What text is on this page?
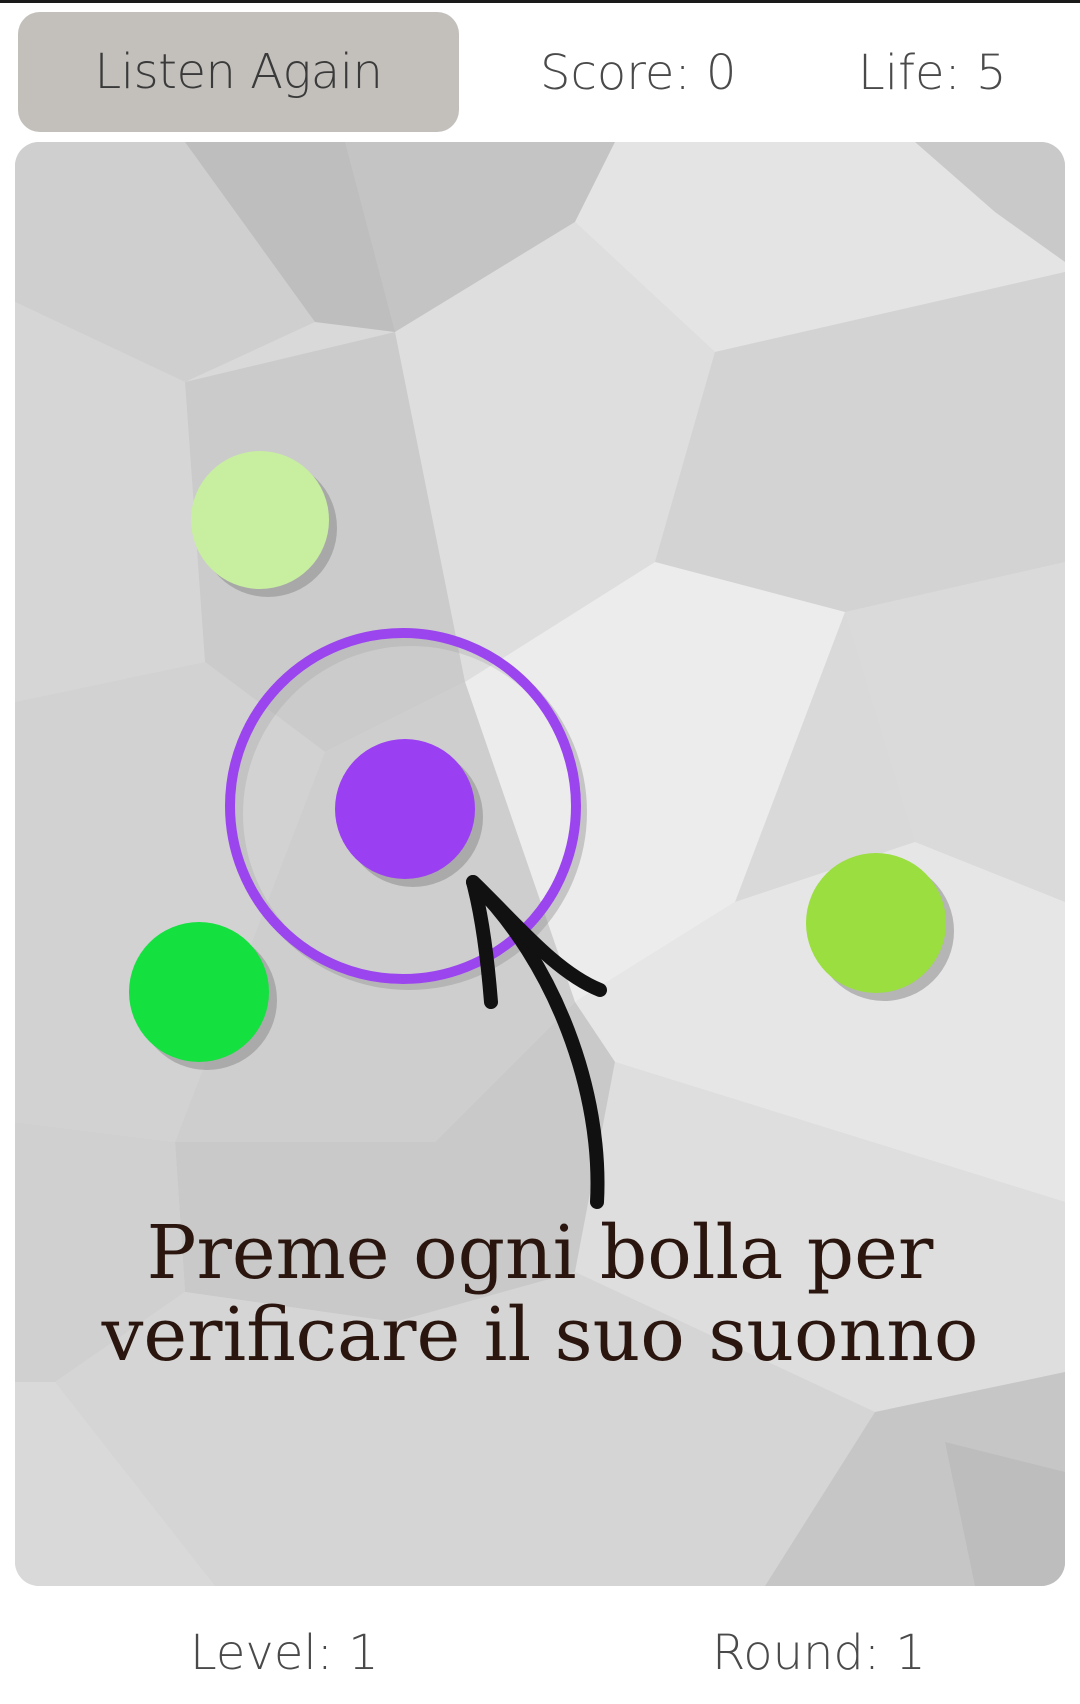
Listen Again	Score: 0	Life: 5
Preme ogni bolla per
verificare il suo suonno
Level: 1	Round: 1
